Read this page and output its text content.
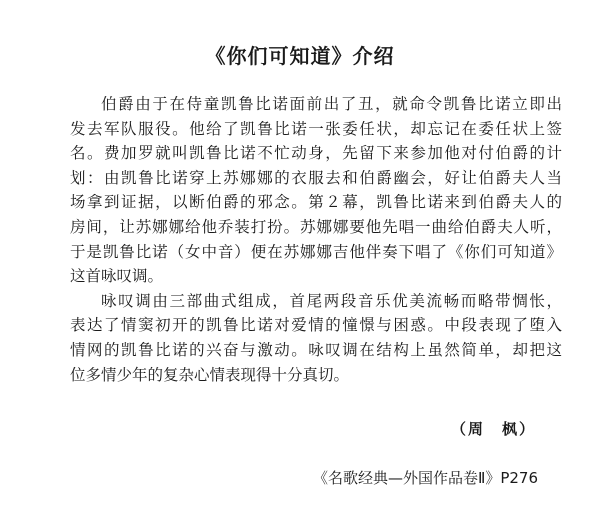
《你们可知道》介绍
伯爵由于在侍童凯鲁比诺面前出了丑，就命令凯鲁比诺立即出
发去军队服役。他给了凯鲁比诺一张委任状，却忘记在委任状上签
名。费加罗就叫凯鲁比诺不忙动身，先留下来参加他对付伯爵的计
划：由凯鲁比诺穿上苏娜娜的衣服去和伯爵幽会，好让伯爵夫人当
场拿到证据，以断伯爵的邪念。第２幕，凯鲁比诺来到伯爵夫人的
房间，让苏娜娜给他乔装打扮。苏娜娜要他先唱一曲给伯爵夫人听，
于是凯鲁比诺（女中音）便在苏娜娜吉他伴奏下唱了《你们可知道》
这首咏叹调。
咏叹调由三部曲式组成，首尾两段音乐优美流畅而略带惆怅，
表达了情窦初开的凯鲁比诺对爱情的憧憬与困惑。中段表现了堕入
情网的凯鲁比诺的兴奋与激动。咏叹调在结构上虽然简单，却把这
位多情少年的复杂心情表现得十分真切。
（周　枫）
《名歌经典—外国作品卷Ⅱ》P276
